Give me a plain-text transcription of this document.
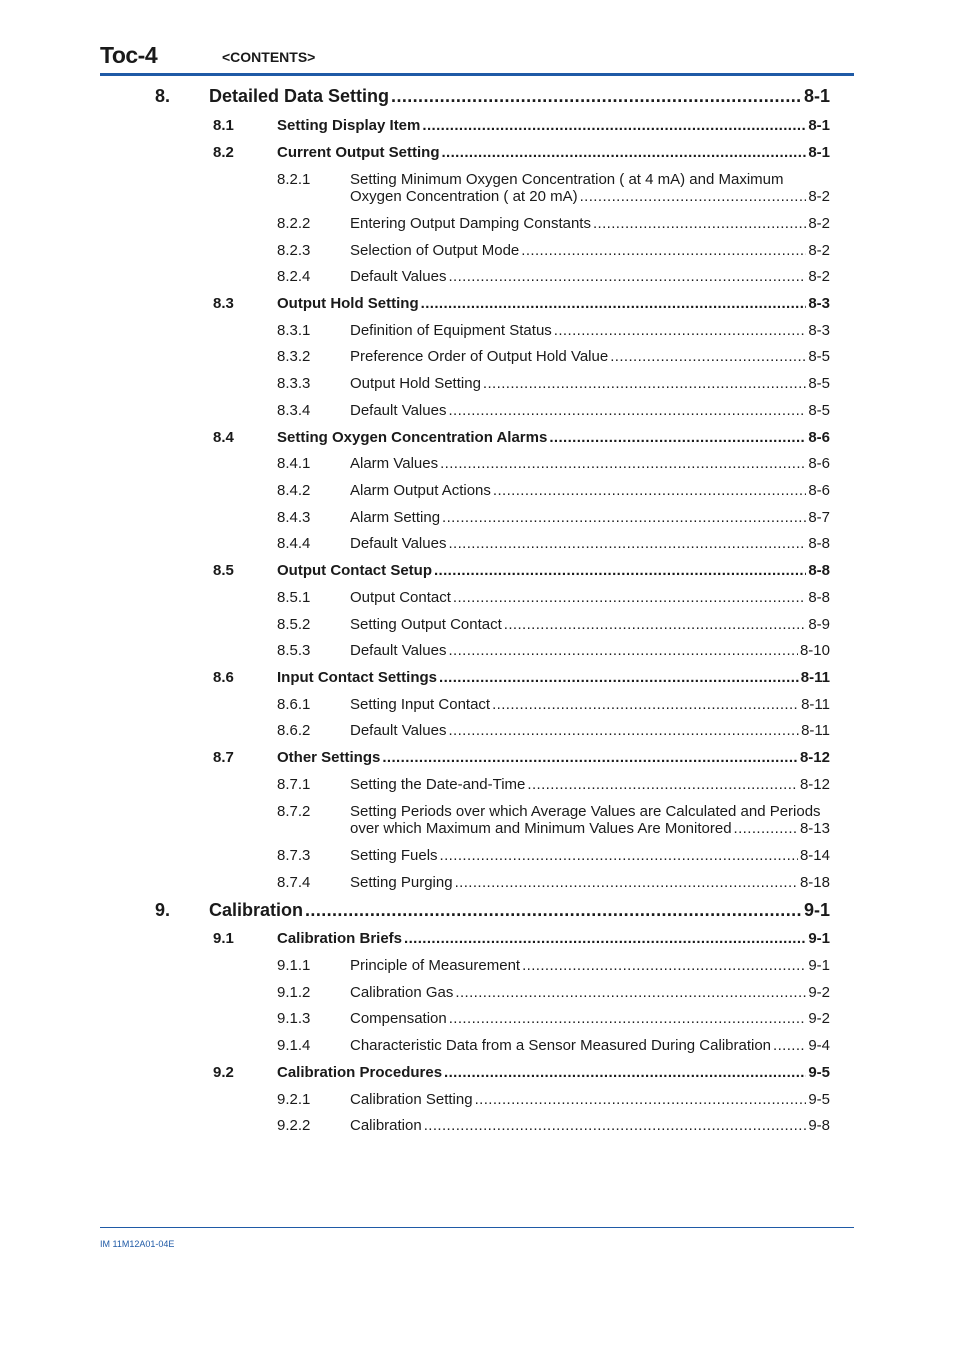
Toc-4	<CONTENTS>
8. Detailed Data Setting .....	8-1
8.1	Setting Display Item .....	8-1
8.2	Current Output Setting .....	8-1
8.2.1	Setting Minimum Oxygen Concentration ( at 4 mA) and Maximum
Oxygen Concentration ( at 20 mA) .....	8-2
8.2.2	Entering Output Damping Constants .....	8-2
8.2.3	Selection of Output Mode .....	8-2
8.2.4	Default Values .....	8-2
8.3	Output Hold Setting .....	8-3
8.3.1	Definition of Equipment Status .....	8-3
8.3.2	Preference Order of Output Hold Value .....	8-5
8.3.3	Output Hold Setting .....	8-5
8.3.4	Default Values .....	8-5
8.4	Setting Oxygen Concentration Alarms .....	8-6
8.4.1	Alarm Values .....	8-6
8.4.2	Alarm Output Actions .....	8-6
8.4.3	Alarm Setting .....	8-7
8.4.4	Default Values .....	8-8
8.5	Output Contact Setup .....	8-8
8.5.1	Output Contact .....	8-8
8.5.2	Setting Output Contact .....	8-9
8.5.3	Default Values .....	8-10
8.6	Input Contact Settings .....	8-11
8.6.1	Setting Input Contact .....	8-11
8.6.2	Default Values .....	8-11
8.7	Other Settings .....	8-12
8.7.1	Setting the Date-and-Time .....	8-12
8.7.2	Setting Periods over which Average Values are Calculated and Periods
over which Maximum and Minimum Values Are Monitored .....	8-13
8.7.3	Setting Fuels .....	8-14
8.7.4	Setting Purging .....	8-18
9. Calibration .....	9-1
9.1	Calibration Briefs .....	9-1
9.1.1	Principle of Measurement .....	9-1
9.1.2	Calibration Gas .....	9-2
9.1.3	Compensation .....	9-2
9.1.4	Characteristic Data from a Sensor Measured During Calibration ..... 9-4
9.2	Calibration Procedures .....	9-5
9.2.1	Calibration Setting .....	9-5
9.2.2	Calibration .....	9-8
IM 11M12A01-04E
